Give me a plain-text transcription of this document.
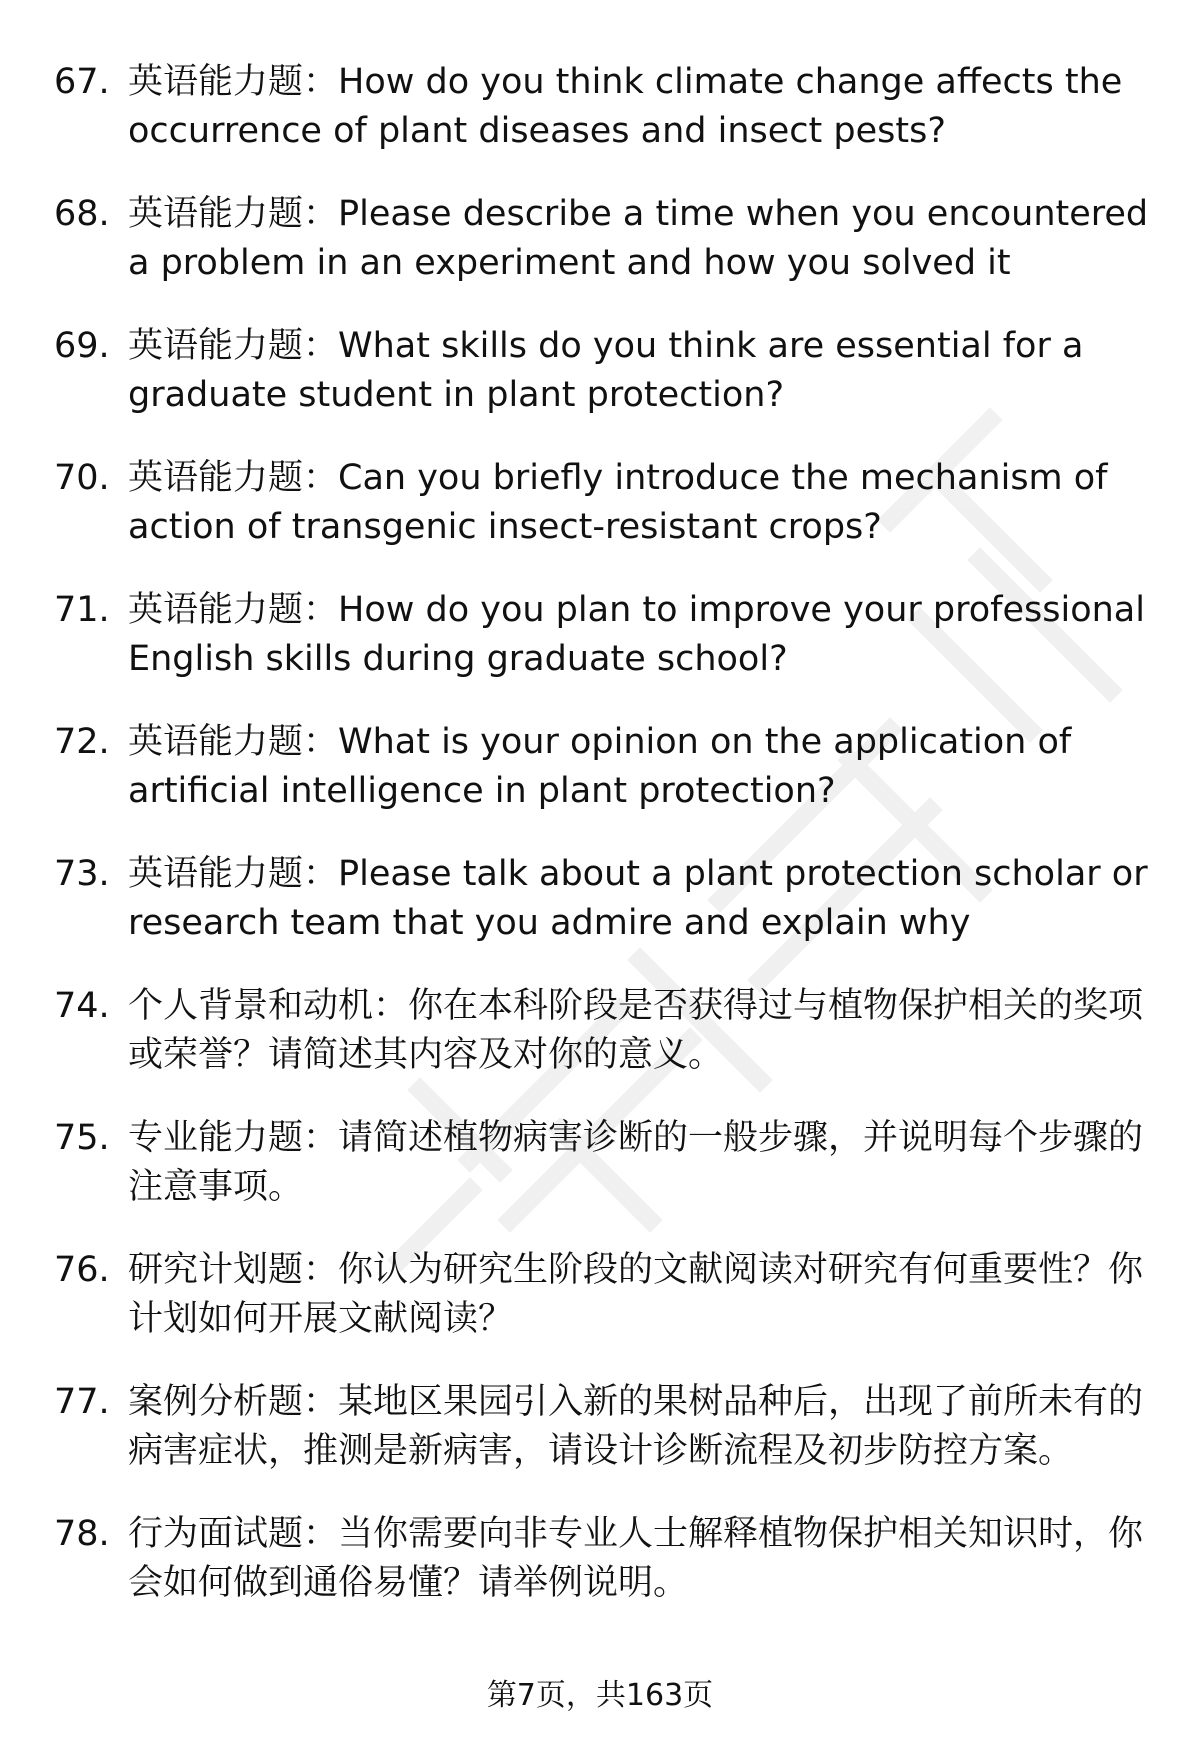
67. 英语能力题：How do you think climate change affects the occurrence of plant diseases and insect pests?
68. 英语能力题：Please describe a time when you encountered a problem in an experiment and how you solved it
69. 英语能力题：What skills do you think are essential for a graduate student in plant protection?
70. 英语能力题：Can you briefly introduce the mechanism of action of transgenic insect-resistant crops?
71. 英语能力题：How do you plan to improve your professional English skills during graduate school?
72. 英语能力题：What is your opinion on the application of artificial intelligence in plant protection?
73. 英语能力题：Please talk about a plant protection scholar or research team that you admire and explain why
74. 个人背景和动机：你在本科阶段是否获得过与植物保护相关的奖项或荣誉？请简述其内容及对你的意义。
75. 专业能力题：请简述植物病害诊断的一般步骤，并说明每个步骤的注意事项。
76. 研究计划题：你认为研究生阶段的文献阅读对研究有何重要性？你计划如何开展文献阅读？
77. 案例分析题：某地区果园引入新的果树品种后，出现了前所未有的病害症状，推测是新病害，请设计诊断流程及初步防控方案。
78. 行为面试题：当你需要向非专业人士解释植物保护相关知识时，你会如何做到通俗易懂？请举例说明。
第7页，共163页
